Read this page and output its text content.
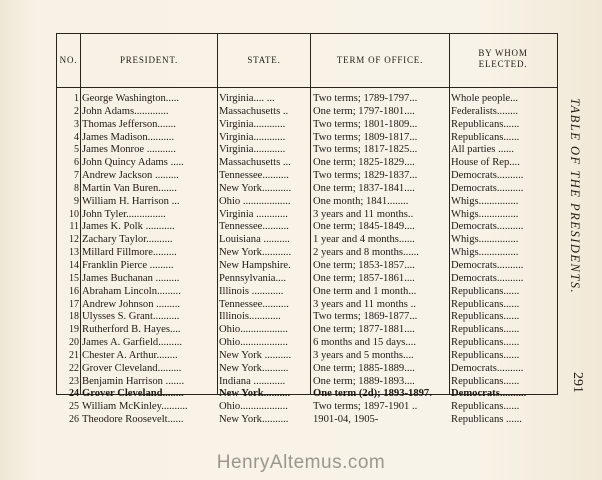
NO.	PRESIDENT.	STATE.	TERM OF OFFICE.
BY WHOM
ELECTED.
1 George Washington.....	Virginia.... ...	Two terms; 1789-1797...	Whole people...
2 John Adams.............	Massachusetts ..	One term; 1797-1801....	Federalists........
3 Thomas Jefferson.......	Virginia............	Two terms; 1801-1809...	Republicans......
4 James Madison..........	Virginia............	Two terms; 1809-1817...	Republicans......
5 James Monroe ...........	Virginia............	Two terms; 1817-1825...	All parties ......
6 John Quincy Adams .....	Massachusetts ...	One term; 1825-1829....	House of Rep....
7 Andrew Jackson .........	Tennessee..........	Two terms; 1829-1837...	Democrats..........
8 Martin Van Buren.......	New York...........	One term; 1837-1841....	Democrats..........
9 William H. Harrison ...	Ohio ..................	One month; 1841........	Whigs...............
10 John Tyler...............	Virginia ............	3 years and 11 months..	Whigs...............
11 James K. Polk ...........	Tennessee..........	One term; 1845-1849....	Democrats..........
12 Zachary Taylor..........	Louisiana ..........	1 year and 4 months......	Whigs...............
13 Millard Fillmore.........	New York...........	2 years and 8 months......	Whigs...............
14 Franklin Pierce .........	New Hampshire.	One term; 1853-1857....	Democrats..........
15 James Buchanan .........	Pennsylvania....	One term; 1857-1861....	Democrats..........
16 Abraham Lincoln.........	Illinois ............	One term and 1 month...	Republicans......
17 Andrew Johnson .........	Tennessee..........	3 years and 11 months ..	Republicans......
18 Ulysses S. Grant..........	Illinois............	Two terms; 1869-1877...	Republicans......
19 Rutherford B. Hayes....	Ohio..................	One term; 1877-1881....	Republicans......
20 James A. Garfield.........	Ohio..................	6 months and 15 days....	Republicans......
21 Chester A. Arthur........	New York ..........	3 years and 5 months....	Republicans......
22 Grover Cleveland.........	New York..........	One term; 1885-1889....	Democrats..........
23 Benjamin Harrison .......	Indiana ............	One term; 1889-1893....	Republicans......
24 Grover Cleveland........	New York..........	One term (2d); 1893-1897.	Democrats..........
25 William McKinley..........	Ohio..................	Two terms; 1897-1901 ..	Republicans......
26 Theodore Roosevelt......	New York..........	1901-04, 1905-	Republicans ......
TABLE OF THE PRESIDENTS.
291
HenryAltemus.com
